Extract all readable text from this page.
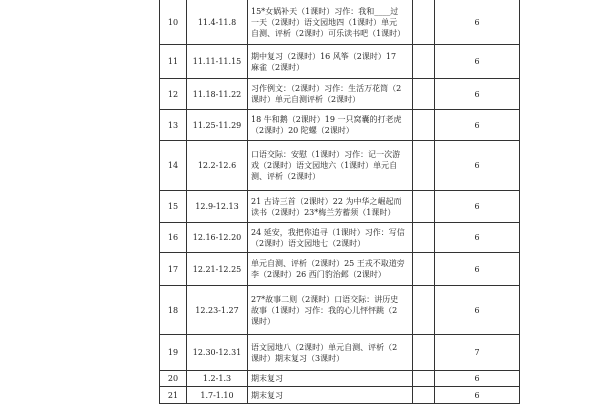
10	11.4-11.8	15*女娲补天（1课时）习作：我和____过
一天（2课时）语文园地四（1课时）单元
自测、评析（2课时）可乐读书吧（1课时）		6
11	11.11-11.15	期中复习（2课时）16 风筝（2课时）17
麻雀（2课时）		6
12	11.18-11.22	习作例文：（2课时）习作：生活万花筒（2
课时）单元自测评析（2课时）		6
13	11.25-11.29	18 牛和鹅（2课时）19 一只窝囊的打老虎
（2课时）20 陀螺（2课时）		6
14	12.2-12.6	口语交际：安慰（1课时）习作：记一次游
戏（2课时）语文园地六（1课时）单元自
测、评析（2课时）		6
15	12.9-12.13	21 古诗三首（2课时）22 为中华之崛起而
读书（2课时）23*梅兰芳蓄须（1课时）		6
16	12.16-12.20	24 延安，我把你追寻（1课时）习作：写信
（2课时）语文园地七（2课时）		6
17	12.21-12.25	单元自测、评析（2课时）25 王戎不取道旁
李（2课时）26 西门豹治邺（2课时）		6
18	12.23-1.27	27*故事二则（2课时）口语交际：讲历史
故事（1课时）习作：我的心儿怦怦跳（2
课时）		6
19	12.30-12.31	语文园地八（2课时）单元自测、评析（2
课时）期末复习（3课时）		7
20	1.2-1.3	期末复习		6
21	1.7-1.10	期末复习		6
